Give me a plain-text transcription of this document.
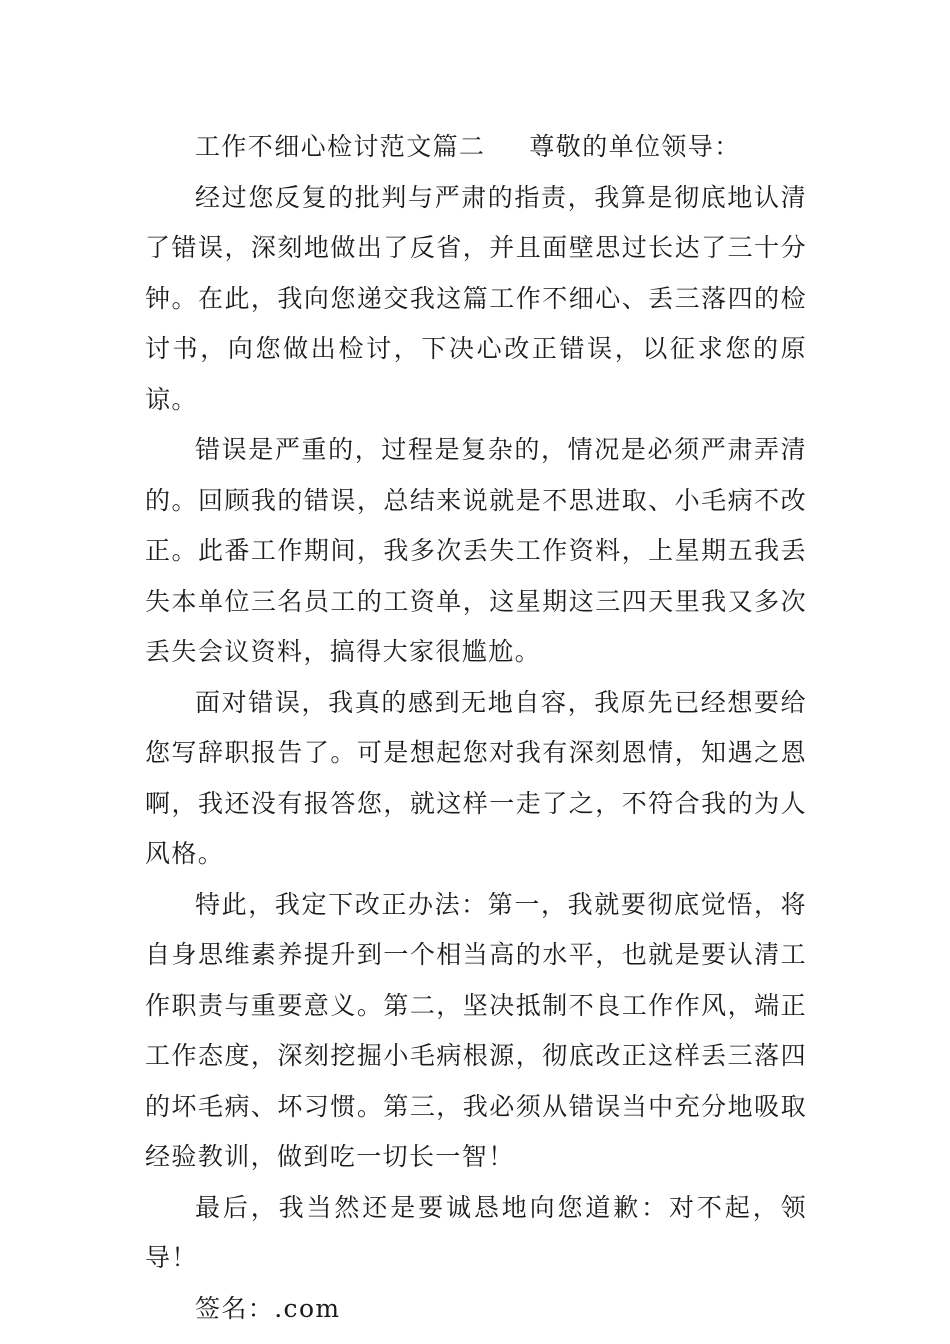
工作不细心检讨范文篇二 尊敬的单位领导：

经过您反复的批判与严肃的指责，我算是彻底地认清了错误，深刻地做出了反省，并且面壁思过长达了三十分钟。在此，我向您递交我这篇工作不细心、丢三落四的检讨书，向您做出检讨，下决心改正错误，以征求您的原谅。

错误是严重的，过程是复杂的，情况是必须严肃弄清的。回顾我的错误，总结来说就是不思进取、小毛病不改正。此番工作期间，我多次丢失工作资料，上星期五我丢失本单位三名员工的工资单，这星期这三四天里我又多次丢失会议资料，搞得大家很尴尬。

面对错误，我真的感到无地自容，我原先已经想要给您写辞职报告了。可是想起您对我有深刻恩情，知遇之恩啊，我还没有报答您，就这样一走了之，不符合我的为人风格。

特此，我定下改正办法：第一，我就要彻底觉悟，将自身思维素养提升到一个相当高的水平，也就是要认清工作职责与重要意义。第二，坚决抵制不良工作作风，端正工作态度，深刻挖掘小毛病根源，彻底改正这样丢三落四的坏毛病、坏习惯。第三，我必须从错误当中充分地吸取经验教训，做到吃一切长一智！

最后，我当然还是要诚恳地向您道歉：对不起，领导！

签名：.com
